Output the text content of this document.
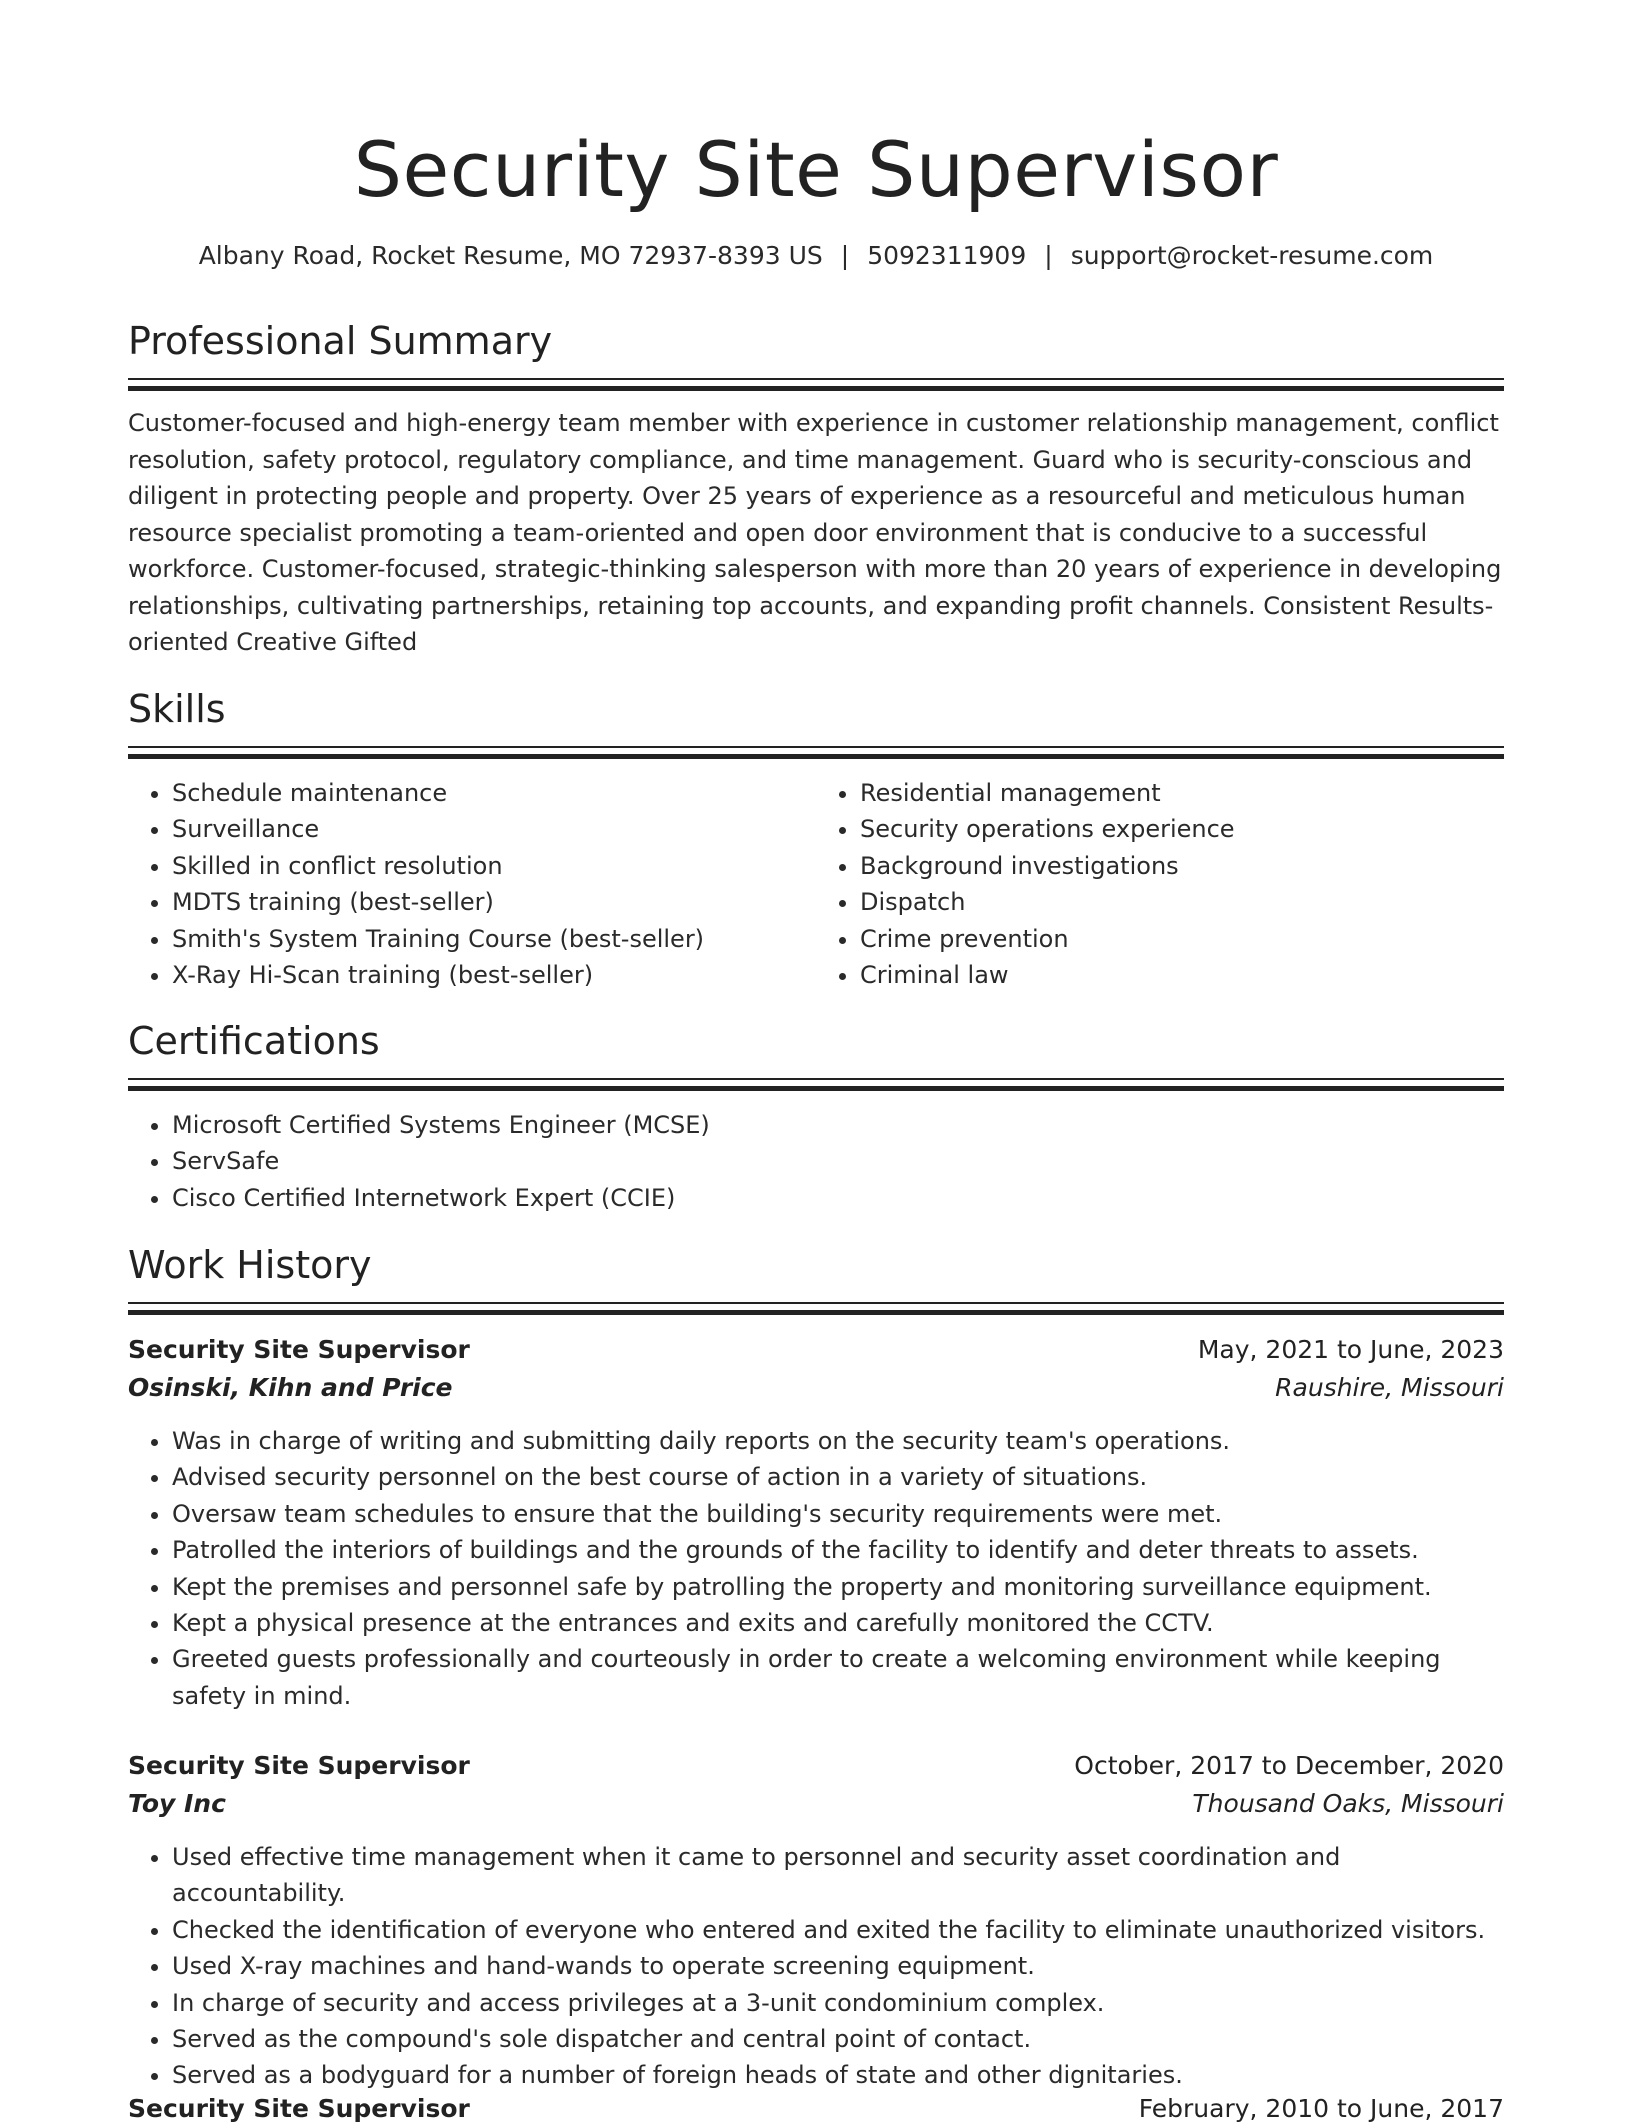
Security Site Supervisor
Albany Road, Rocket Resume, MO 72937-8393 US | 5092311909 | support@rocket-resume.com
Professional Summary
Customer-focused and high-energy team member with experience in customer relationship management, conflict resolution, safety protocol, regulatory compliance, and time management. Guard who is security-conscious and diligent in protecting people and property. Over 25 years of experience as a resourceful and meticulous human resource specialist promoting a team-oriented and open door environment that is conducive to a successful workforce. Customer-focused, strategic-thinking salesperson with more than 20 years of experience in developing relationships, cultivating partnerships, retaining top accounts, and expanding profit channels. Consistent Results-oriented Creative Gifted
Skills
• Schedule maintenance
• Surveillance
• Skilled in conflict resolution
• MDTS training (best-seller)
• Smith's System Training Course (best-seller)
• X-Ray Hi-Scan training (best-seller)
• Residential management
• Security operations experience
• Background investigations
• Dispatch
• Crime prevention
• Criminal law
Certifications
• Microsoft Certified Systems Engineer (MCSE)
• ServSafe
• Cisco Certified Internetwork Expert (CCIE)
Work History
Security Site Supervisor	May, 2021 to June, 2023
Osinski, Kihn and Price	Raushire, Missouri
• Was in charge of writing and submitting daily reports on the security team's operations.
• Advised security personnel on the best course of action in a variety of situations.
• Oversaw team schedules to ensure that the building's security requirements were met.
• Patrolled the interiors of buildings and the grounds of the facility to identify and deter threats to assets.
• Kept the premises and personnel safe by patrolling the property and monitoring surveillance equipment.
• Kept a physical presence at the entrances and exits and carefully monitored the CCTV.
• Greeted guests professionally and courteously in order to create a welcoming environment while keeping safety in mind.
Security Site Supervisor	October, 2017 to December, 2020
Toy Inc	Thousand Oaks, Missouri
• Used effective time management when it came to personnel and security asset coordination and accountability.
• Checked the identification of everyone who entered and exited the facility to eliminate unauthorized visitors.
• Used X-ray machines and hand-wands to operate screening equipment.
• In charge of security and access privileges at a 3-unit condominium complex.
• Served as the compound's sole dispatcher and central point of contact.
• Served as a bodyguard for a number of foreign heads of state and other dignitaries.
Security Site Supervisor	February, 2010 to June, 2017
